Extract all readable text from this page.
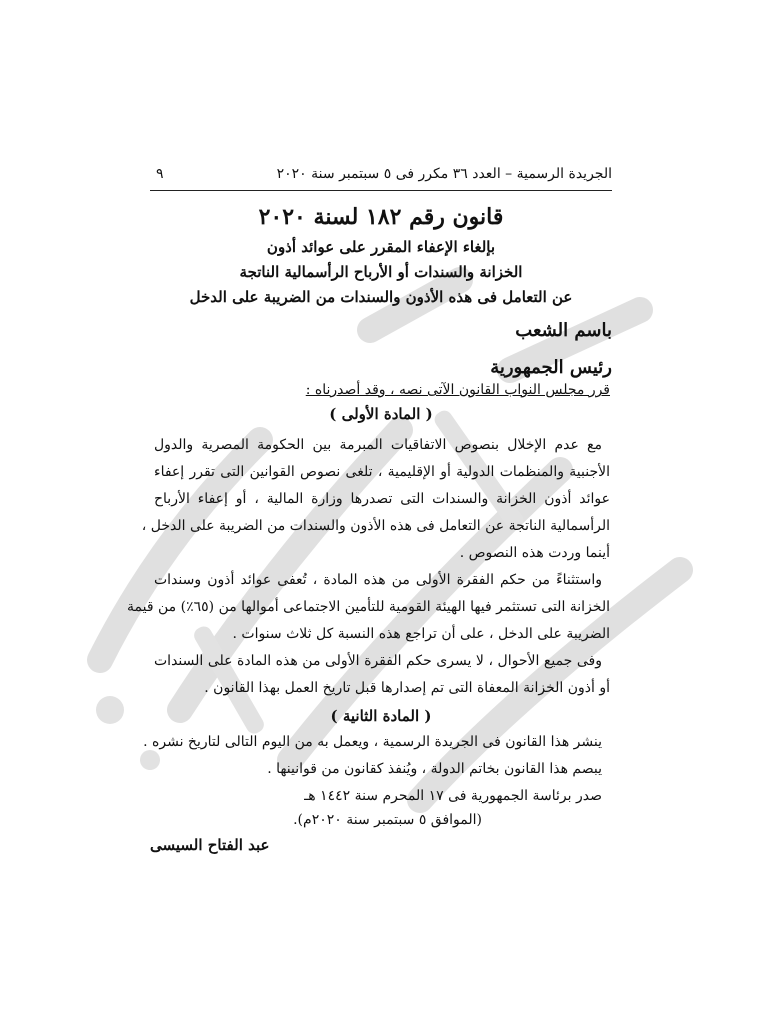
الجريدة الرسمية – العدد ٣٦ مكرر فى ٥ سبتمبر سنة ٢٠٢٠
٩
قانون رقم ١٨٢ لسنة ٢٠٢٠
بإلغاء الإعفاء المقرر على عوائد أذون
الخزانة والسندات أو الأرباح الرأسمالية الناتجة
عن التعامل فى هذه الأذون والسندات من الضريبة على الدخل
باسم الشعب
رئيس الجمهورية
قرر مجلس النواب القانون الآتى نصه ، وقد أصدرناه :
( المادة الأولى )
مع عدم الإخلال بنصوص الاتفاقيات المبرمة بين الحكومة المصرية والدول
الأجنبية والمنظمات الدولية أو الإقليمية ، تلغى نصوص القوانين التى تقرر إعفاء
عوائد أذون الخزانة والسندات التى تصدرها وزارة المالية ، أو إعفاء الأرباح
الرأسمالية الناتجة عن التعامل فى هذه الأذون والسندات من الضريبة على الدخل ،
أينما وردت هذه النصوص .
واستثناءً من حكم الفقرة الأولى من هذه المادة ، تُعفى عوائد أذون وسندات
الخزانة التى تستثمر فيها الهيئة القومية للتأمين الاجتماعى أموالها من (٦٥٪) من قيمة
الضريبة على الدخل ، على أن تراجع هذه النسبة كل ثلاث سنوات .
وفى جميع الأحوال ، لا يسرى حكم الفقرة الأولى من هذه المادة على السندات
أو أذون الخزانة المعفاة التى تم إصدارها قبل تاريخ العمل بهذا القانون .
( المادة الثانية )
ينشر هذا القانون فى الجريدة الرسمية ، ويعمل به من اليوم التالى لتاريخ نشره .
يبصم هذا القانون بخاتم الدولة ، ويُنفذ كقانون من قوانينها .
صدر برئاسة الجمهورية فى ١٧ المحرم سنة ١٤٤٢ هـ
(الموافق ٥ سبتمبر سنة ٢٠٢٠م).
عبد الفتاح السيسى
